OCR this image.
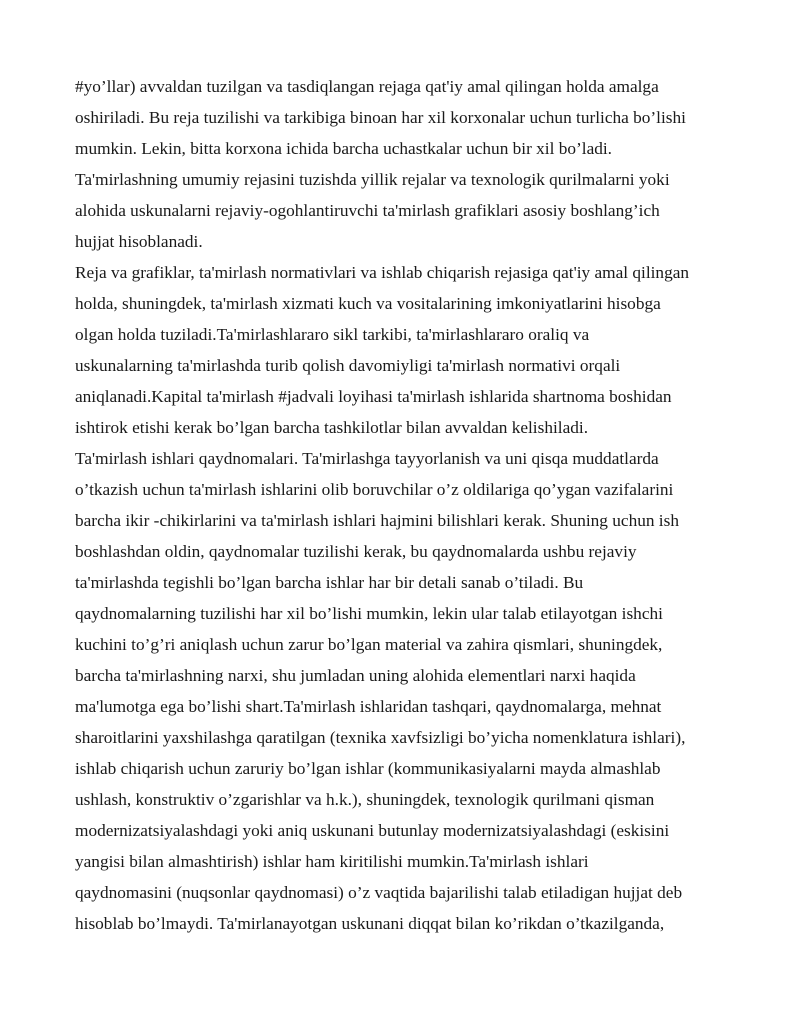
#yo’llar) avvaldan tuzilgan va tasdiqlangan rejaga qat'iy amal qilingan holda amalga
oshiriladi. Bu reja tuzilishi va tarkibiga binoan har xil korxonalar uchun turlicha bo’lishi
mumkin. Lekin, bitta korxona ichida barcha uchastkalar uchun bir xil bo’ladi.
Ta'mirlashning umumiy rejasini tuzishda yillik rejalar va texnologik qurilmalarni yoki
alohida uskunalarni rejaviy-ogohlantiruvchi ta'mirlash grafiklari asosiy boshlang’ich
hujjat hisoblanadi.
Reja va grafiklar, ta'mirlash normativlari va ishlab chiqarish rejasiga qat'iy amal qilingan
holda, shuningdek, ta'mirlash xizmati kuch va vositalarining imkoniyatlarini hisobga
olgan holda tuziladi.Ta'mirlashlararo sikl tarkibi, ta'mirlashlararo oraliq va
uskunalarning ta'mirlashda turib qolish davomiyligi ta'mirlash normativi orqali
aniqlanadi.Kapital ta'mirlash #jadvali loyihasi ta'mirlash ishlarida shartnoma boshidan
ishtirok etishi kerak bo’lgan barcha tashkilotlar bilan avvaldan kelishiladi.
Ta'mirlash ishlari qaydnomalari. Ta'mirlashga tayyorlanish va uni qisqa muddatlarda
o’tkazish uchun ta'mirlash ishlarini olib boruvchilar o’z oldilariga qo’ygan vazifalarini
barcha ikir -chikirlarini va ta'mirlash ishlari hajmini bilishlari kerak. Shuning uchun ish
boshlashdan oldin, qaydnomalar tuzilishi kerak, bu qaydnomalarda ushbu rejaviy
ta'mirlashda tegishli bo’lgan barcha ishlar har bir detali sanab o’tiladi. Bu
qaydnomalarning tuzilishi har xil bo’lishi mumkin, lekin ular talab etilayotgan ishchi
kuchini to’g’ri aniqlash uchun zarur bo’lgan material va zahira qismlari, shuningdek,
barcha ta'mirlashning narxi, shu jumladan uning alohida elementlari narxi haqida
ma'lumotga ega bo’lishi shart.Ta'mirlash ishlaridan tashqari, qaydnomalarga, mehnat
sharoitlarini yaxshilashga qaratilgan (texnika xavfsizligi bo’yicha nomenklatura ishlari),
ishlab chiqarish uchun zaruriy bo’lgan ishlar (kommunikasiyalarni mayda almashlab
ushlash, konstruktiv o’zgarishlar va h.k.), shuningdek, texnologik qurilmani qisman
modernizatsiyalashdagi yoki aniq uskunani butunlay modernizatsiyalashdagi (eskisini
yangisi bilan almashtirish) ishlar ham kiritilishi mumkin.Ta'mirlash ishlari
qaydnomasini (nuqsonlar qaydnomasi) o’z vaqtida bajarilishi talab etiladigan hujjat deb
hisoblab bo’lmaydi. Ta'mirlanayotgan uskunani diqqat bilan ko’rikdan o’tkazilganda,
